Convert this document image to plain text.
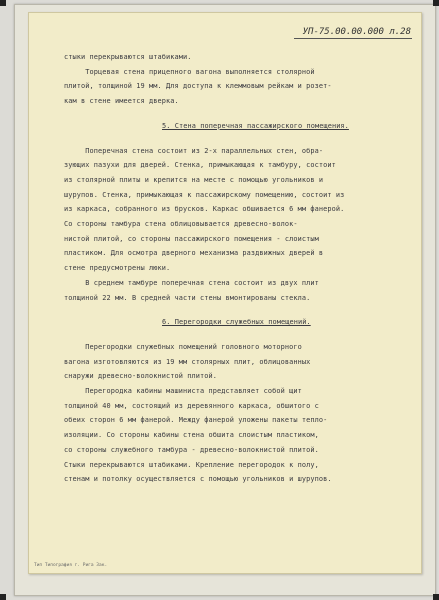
УП-75.00.00.000 л.28

стыки перекрываются штабиками.

Торцевая стена прицепного вагона выполняется столярной

плитой, толщиной 19 мм. Для доступа к клеммовым рейкам и розет-

кам в стене имеется дверка.

5. Стена поперечная пассажирского помещения.

Поперечная стена состоит из 2-х параллельных стен, обра-

зующих пазухи для дверей. Стенка, примыкающая к тамбуру, состоит

из столярной плиты и крепится на месте с помощью угольников и

шурупов. Стенка, примыкающая к пассажирскому помещению, состоит из

из каркаса, собранного из брусков. Каркас обшивается 6 мм фанерой.

Со стороны тамбура стена облицовывается древесно-волок-

нистой плитой, со стороны пассажирского помещения - слоистым

пластиком. Для осмотра дверного механизма раздвижных дверей в

стене предусмотрены люки.

В среднем тамбуре поперечная стена состоит из двух плит

толщиной 22 мм. В средней части стены вмонтированы стекла.

6. Перегородки служебных помещений.

Перегородки служебных помещений головного моторного

вагона изготовляются из 19 мм столярных плит, облицованных

снаружи древесно-волокнистой плитой.

Перегородка кабины машиниста представляет собой щит

толщиной 40 мм, состоящий из деревянного каркаса, обшитого с

обеих сторон 6 мм фанерой. Между фанерой уложены пакеты тепло-

изоляции. Со стороны кабины стена обшита слоистым пластиком,

со стороны служебного тамбура - древесно-волокнистой плитой.

Стыки перекрываются штабиками. Крепление перегородок к полу,

стенам и потолку осуществляется с помощью угольников и шурупов.

Тип Типография г. Рига Зак.
